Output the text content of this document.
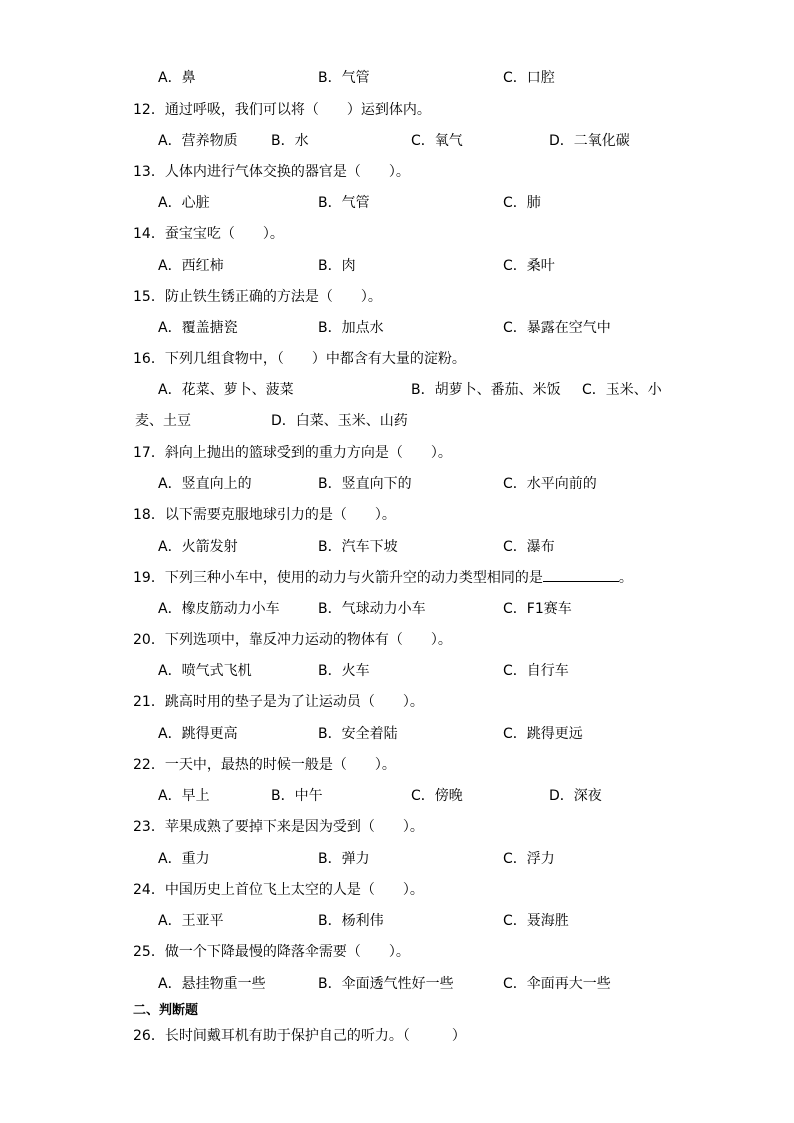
A．鼻	B．气管	C．口腔
12．通过呼吸，我们可以将（　　）运到体内。
A．营养物质 B．水	C．氧气	D．二氧化碳
13．人体内进行气体交换的器官是（　　）。
A．心脏	B．气管	C．肺
14．蚕宝宝吃（　　）。
A．西红柿	B．肉	C．桑叶
15．防止铁生锈正确的方法是（　　）。
A．覆盖搪瓷	B．加点水	C．暴露在空气中
16．下列几组食物中，（　　）中都含有大量的淀粉。
A．花菜、萝卜、菠菜	B．胡萝卜、番茄、米饭 C．玉米、小
麦、土豆	D．白菜、玉米、山药
17．斜向上抛出的篮球受到的重力方向是（　　）。
A．竖直向上的	B．竖直向下的	C．水平向前的
18．以下需要克服地球引力的是（　　）。
A．火箭发射	B．汽车下坡	C．瀑布
19．下列三种小车中，使用的动力与火箭升空的动力类型相同的是	。
A．橡皮筋动力小车	B．气球动力小车	C．F1赛车
20．下列选项中，靠反冲力运动的物体有（　　）。
A．喷气式飞机	B．火车	C．自行车
21．跳高时用的垫子是为了让运动员（　　）。
A．跳得更高	B．安全着陆	C．跳得更远
22．一天中，最热的时候一般是（　　）。
A．早上	B．中午	C．傍晚	D．深夜
23．苹果成熟了要掉下来是因为受到（　　）。
A．重力	B．弹力	C．浮力
24．中国历史上首位飞上太空的人是（　　）。
A．王亚平	B．杨利伟	C．聂海胜
25．做一个下降最慢的降落伞需要（　　）。
A．悬挂物重一些	B．伞面透气性好一些	C．伞面再大一些
二、判断题
26．长时间戴耳机有助于保护自己的听力。（　　　）
